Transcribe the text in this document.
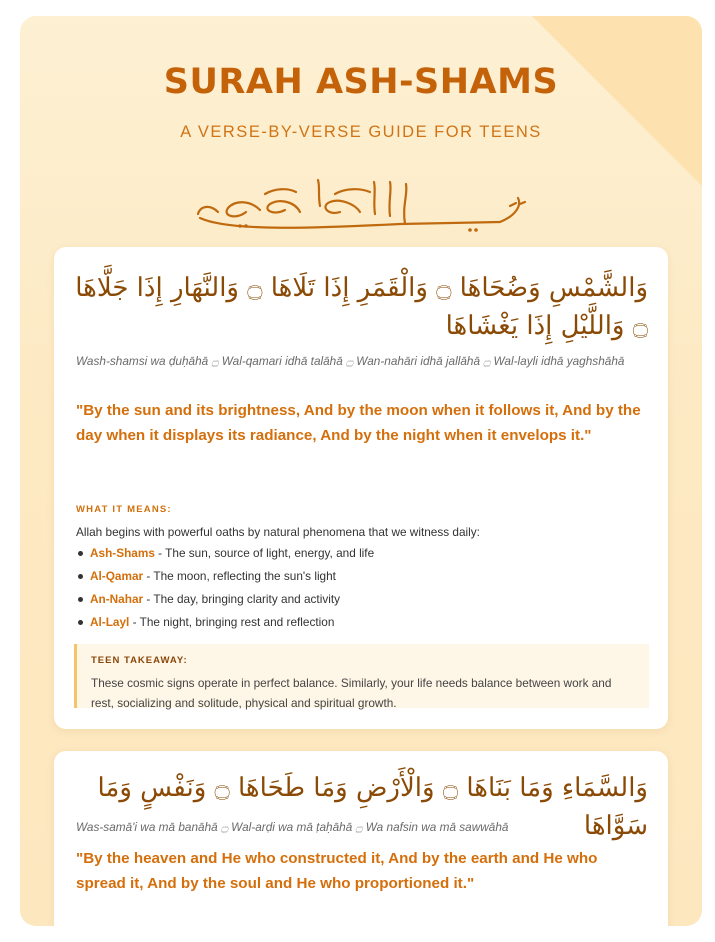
SURAH ASH-SHAMS
A VERSE-BY-VERSE GUIDE FOR TEENS
وَالشَّمْسِ وَضُحَاهَا ۝ وَالْقَمَرِ إِذَا تَلَاهَا ۝ وَالنَّهَارِ إِذَا جَلَّاهَا ۝ وَاللَّيْلِ إِذَا يَغْشَاهَا
Wash-shamsi wa ḍuḥāhā ۝ Wal-qamari idhā talāhā ۝ Wan-nahāri idhā jallāhā ۝ Wal-layli idhā yaghshāhā
"By the sun and its brightness, And by the moon when it follows it, And by the day when it displays its radiance, And by the night when it envelops it."
WHAT IT MEANS:
Allah begins with powerful oaths by natural phenomena that we witness daily:
Ash-Shams - The sun, source of light, energy, and life
Al-Qamar - The moon, reflecting the sun's light
An-Nahar - The day, bringing clarity and activity
Al-Layl - The night, bringing rest and reflection
TEEN TAKEAWAY:
These cosmic signs operate in perfect balance. Similarly, your life needs balance between work and rest, socializing and solitude, physical and spiritual growth.
وَالسَّمَاءِ وَمَا بَنَاهَا ۝ وَالْأَرْضِ وَمَا طَحَاهَا ۝ وَنَفْسٍ وَمَا سَوَّاهَا
Was-samā'i wa mā banāhā ۝ Wal-arḍi wa mā ṭaḥāhā ۝ Wa nafsin wa mā sawwāhā
"By the heaven and He who constructed it, And by the earth and He who spread it, And by the soul and He who proportioned it."
